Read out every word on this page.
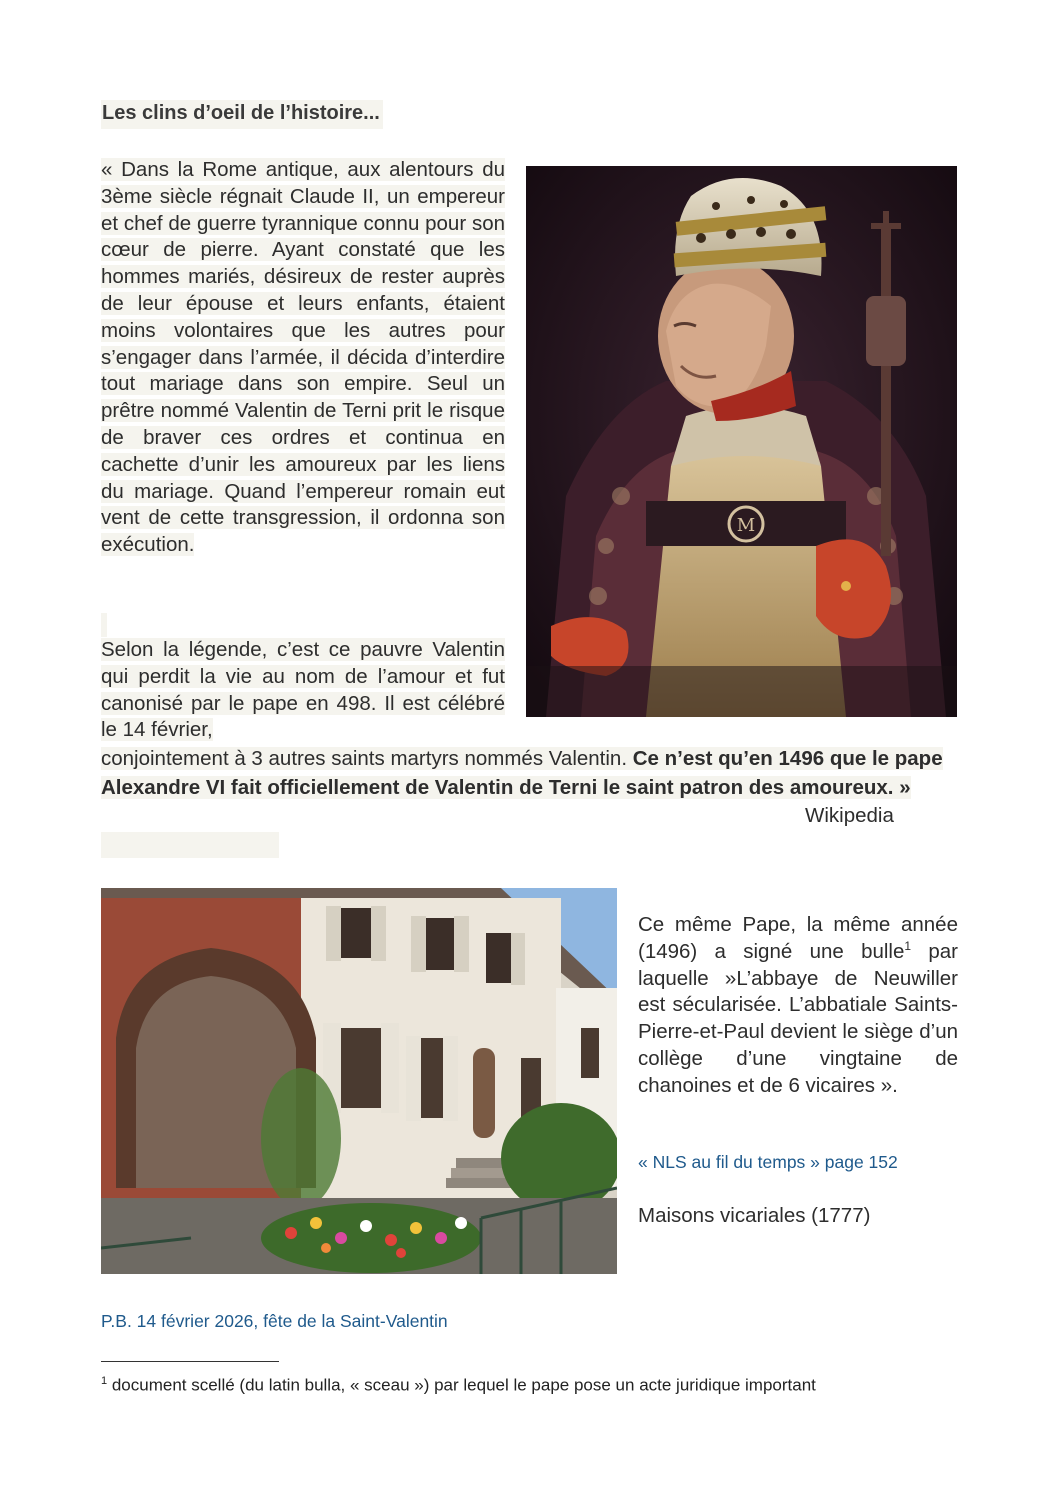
Les clins d’oeil de l’histoire...

« Dans la Rome antique, aux alentours du 3ème siècle régnait Claude II, un empereur et chef de guerre tyrannique connu pour son cœur de pierre. Ayant constaté que les hommes mariés, désireux de rester auprès de leur épouse et leurs enfants, étaient moins volontaires que les autres pour s’engager dans l’armée, il décida d’interdire tout mariage dans son empire. Seul un prêtre nommé Valentin de Terni prit le risque de braver ces ordres et continua en cachette d’unir les amoureux par les liens du mariage. Quand l’empereur romain eut vent de cette transgression, il ordonna son exécution.

Selon la légende, c’est ce pauvre Valentin qui perdit la vie au nom de l’amour et fut canonisé par le pape en 498. Il est célébré le 14 février,

conjointement à 3 autres saints martyrs nommés Valentin. Ce n’est qu’en 1496 que le pape Alexandre VI fait officiellement de Valentin de Terni le saint patron des amoureux. »

Wikipedia
M

Ce même Pape, la même année (1496) a signé une bulle$^1$ par laquelle »L’abbaye de Neuwiller est sécularisée. L’abbatiale Saints-Pierre-et-Paul devient le siège d’un collège d’une vingtaine de chanoines et de 6 vicaires ».

« NLS au fil du temps » page 152
Maisons vicariales (1777)
P.B. 14 février 2026, fête de la Saint-Valentin
$^1$ document scellé (du latin bulla, « sceau ») par lequel le pape pose un acte juridique important
